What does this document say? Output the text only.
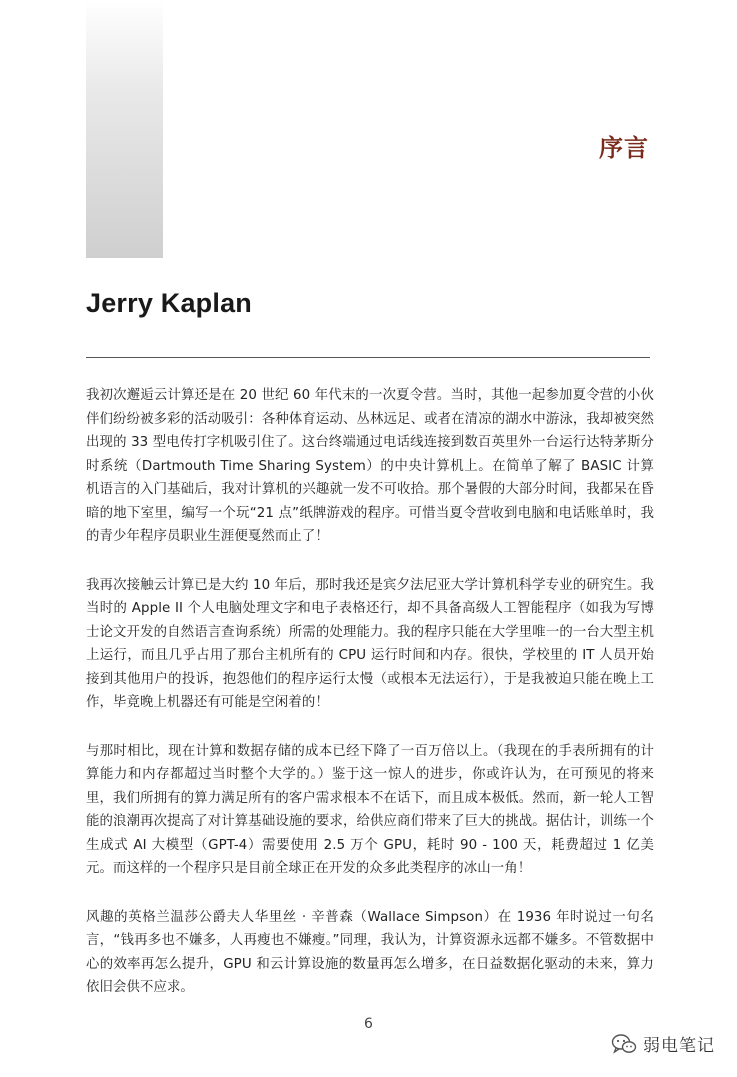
序言
Jerry Kaplan

我初次邂逅云计算还是在 20 世纪 60 年代末的一次夏令营。当时，其他一起参加夏令营的小伙伴们纷纷被多彩的活动吸引：各种体育运动、丛林远足、或者在清凉的湖水中游泳，我却被突然出现的 33 型电传打字机吸引住了。这台终端通过电话线连接到数百英里外一台运行达特茅斯分时系统（Dartmouth Time Sharing System）的中央计算机上。在简单了解了 BASIC 计算机语言的入门基础后，我对计算机的兴趣就一发不可收拾。那个暑假的大部分时间，我都呆在昏暗的地下室里，编写一个玩“21 点”纸牌游戏的程序。可惜当夏令营收到电脑和电话账单时，我的青少年程序员职业生涯便戛然而止了！

我再次接触云计算已是大约 10 年后，那时我还是宾夕法尼亚大学计算机科学专业的研究生。我当时的 Apple II 个人电脑处理文字和电子表格还行，却不具备高级人工智能程序（如我为写博士论文开发的自然语言查询系统）所需的处理能力。我的程序只能在大学里唯一的一台大型主机上运行，而且几乎占用了那台主机所有的 CPU 运行时间和内存。很快，学校里的 IT 人员开始接到其他用户的投诉，抱怨他们的程序运行太慢（或根本无法运行），于是我被迫只能在晚上工作，毕竟晚上机器还有可能是空闲着的！

与那时相比，现在计算和数据存储的成本已经下降了一百万倍以上。（我现在的手表所拥有的计算能力和内存都超过当时整个大学的。）鉴于这一惊人的进步，你或许认为，在可预见的将来里，我们所拥有的算力满足所有的客户需求根本不在话下，而且成本极低。然而，新一轮人工智能的浪潮再次提高了对计算基础设施的要求，给供应商们带来了巨大的挑战。据估计，训练一个生成式 AI 大模型（GPT-4）需要使用 2.5 万个 GPU，耗时 90 - 100 天，耗费超过 1 亿美元。而这样的一个程序只是目前全球正在开发的众多此类程序的冰山一角！

风趣的英格兰温莎公爵夫人华里丝 · 辛普森（Wallace Simpson）在 1936 年时说过一句名言，“钱再多也不嫌多，人再瘦也不嫌瘦。”同理，我认为，计算资源永远都不嫌多。不管数据中心的效率再怎么提升，GPU 和云计算设施的数量再怎么增多，在日益数据化驱动的未来，算力依旧会供不应求。

6
弱电笔记
